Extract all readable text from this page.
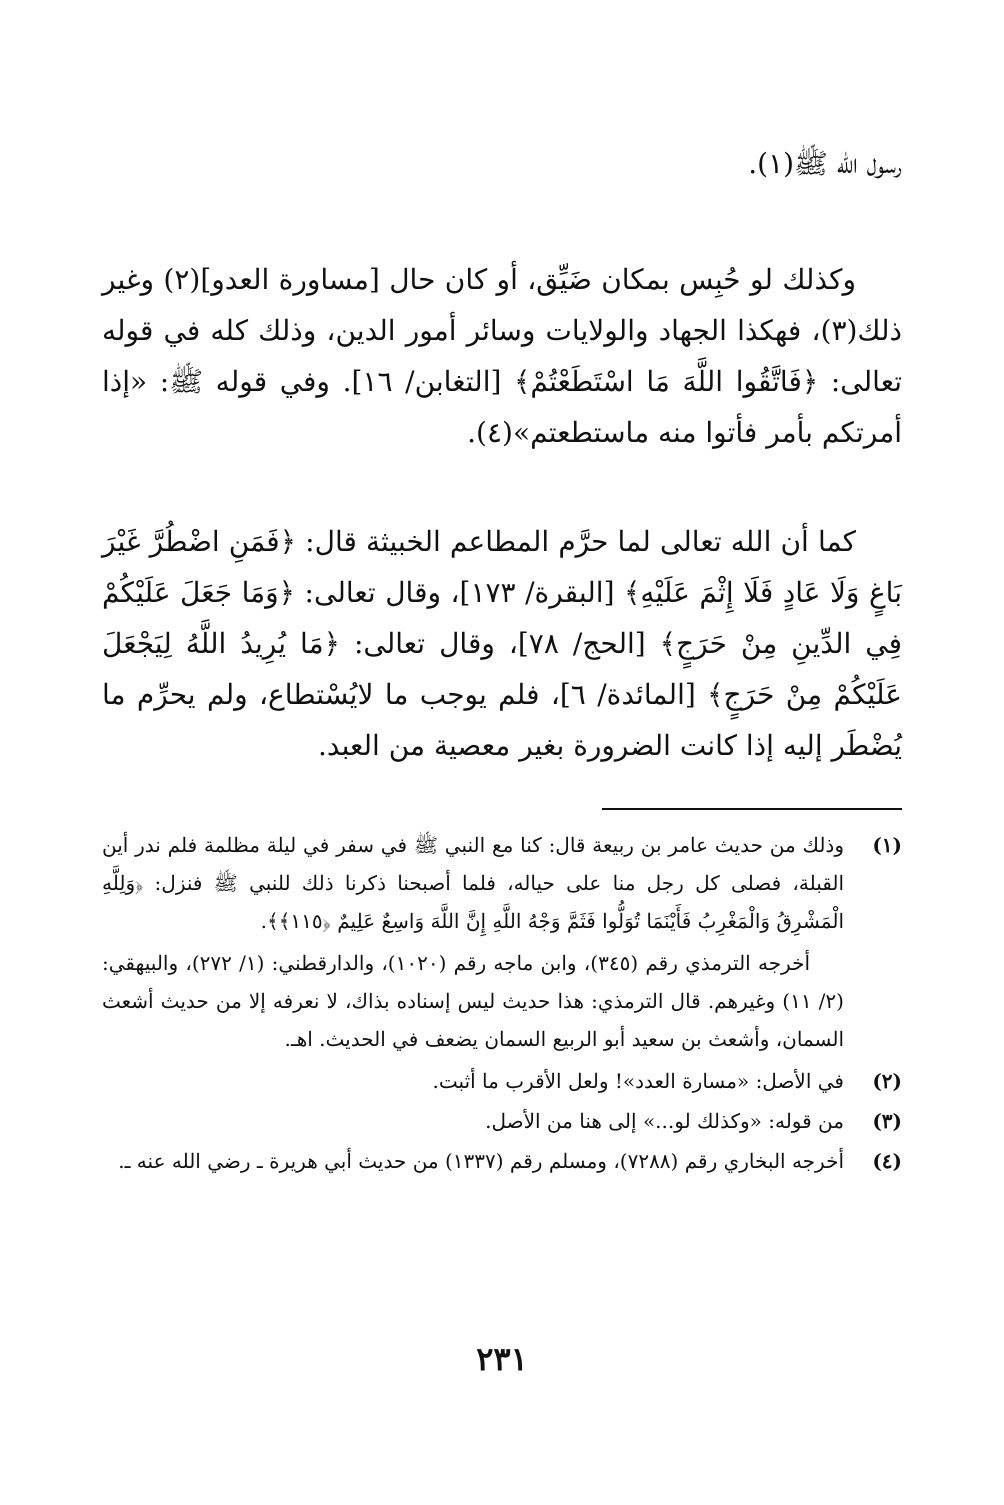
رسول الله ﷺ(١).

وكذلك لو حُبِس بمكان ضَيِّق، أو كان حال [مساورة العدو](٢) وغير ذلك(٣)، فهكذا الجهاد والولايات وسائر أمور الدين، وذلك كله في قوله تعالى: ﴿فَاتَّقُوا اللَّهَ مَا اسْتَطَعْتُمْ﴾ [التغابن/ ١٦]. وفي قوله ﷺ: «إذا أمرتكم بأمر فأتوا منه ماستطعتم»(٤).

كما أن الله تعالى لما حرَّم المطاعم الخبيثة قال: ﴿فَمَنِ اضْطُرَّ غَيْرَ بَاغٍ وَلَا عَادٍ فَلَا إِثْمَ عَلَيْهِ﴾ [البقرة/ ١٧٣]، وقال تعالى: ﴿وَمَا جَعَلَ عَلَيْكُمْ فِي الدِّينِ مِنْ حَرَجٍ﴾ [الحج/ ٧٨]، وقال تعالى: ﴿مَا يُرِيدُ اللَّهُ لِيَجْعَلَ عَلَيْكُمْ مِنْ حَرَجٍ﴾ [المائدة/ ٦]، فلم يوجب ما لايُسْتطاع، ولم يحرِّم ما يُضْطَر إليه إذا كانت الضرورة بغير معصية من العبد.

(١)
وذلك من حديث عامر بن ربيعة قال: كنا مع النبي ﷺ في سفر في ليلة مظلمة فلم ندر أين القبلة، فصلى كل رجل منا على حياله، فلما أصبحنا ذكرنا ذلك للنبي ﷺ فنزل: ﴿وَلِلَّهِ الْمَشْرِقُ وَالْمَغْرِبُ فَأَيْنَمَا تُوَلُّوا فَثَمَّ وَجْهُ اللَّهِ إِنَّ اللَّهَ وَاسِعٌ عَلِيمٌ ﴿١١٥﴾﴾.
أخرجه الترمذي رقم (٣٤٥)، وابن ماجه رقم (١٠٢٠)، والدارقطني: (١/ ٢٧٢)، والبيهقي: (٢/ ١١) وغيرهم. قال الترمذي: هذا حديث ليس إسناده بذاك، لا نعرفه إلا من حديث أشعث السمان، وأشعث بن سعيد أبو الربيع السمان يضعف في الحديث. اهـ.
(٢)
في الأصل: «مسارة العدد»! ولعل الأقرب ما أثبت.
(٣)
من قوله: «وكذلك لو...» إلى هنا من الأصل.
(٤)
أخرجه البخاري رقم (٧٢٨٨)، ومسلم رقم (١٣٣٧) من حديث أبي هريرة ـ رضي الله عنه ـ.
٢٣١
